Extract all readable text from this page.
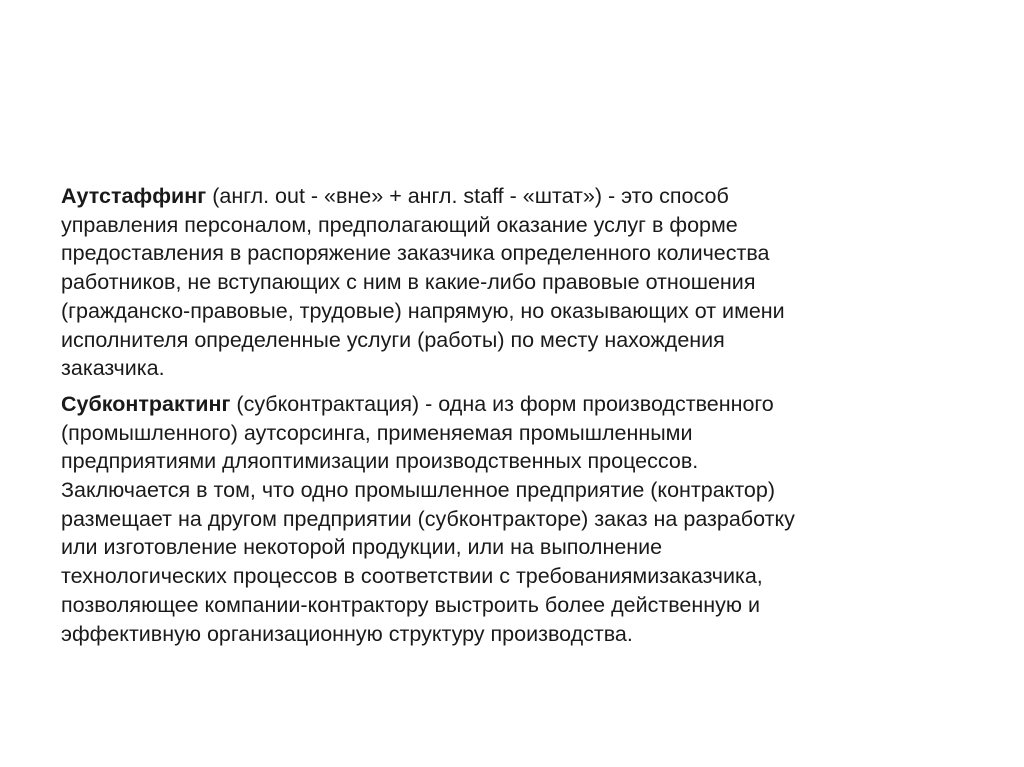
Аутстаффинг (англ. out - «вне» + англ. staff - «штат») - это способ
управления персоналом, предполагающий оказание услуг в форме
предоставления в распоряжение заказчика определенного количества
работников, не вступающих с ним в какие-либо правовые отношения
(гражданско-правовые, трудовые) напрямую, но оказывающих от имени
исполнителя определенные услуги (работы) по месту нахождения
заказчика.

Субконтрактинг (субконтрактация) - одна из форм производственного
(промышленного) аутсорсинга, применяемая промышленными
предприятиями дляоптимизации производственных процессов.
Заключается в том, что одно промышленное предприятие (контрактор)
размещает на другом предприятии (субконтракторе) заказ на разработку
или изготовление некоторой продукции, или на выполнение
технологических процессов в соответствии с требованиямизаказчика,
позволяющее компании-контрактору выстроить более действенную и
эффективную организационную структуру производства.
